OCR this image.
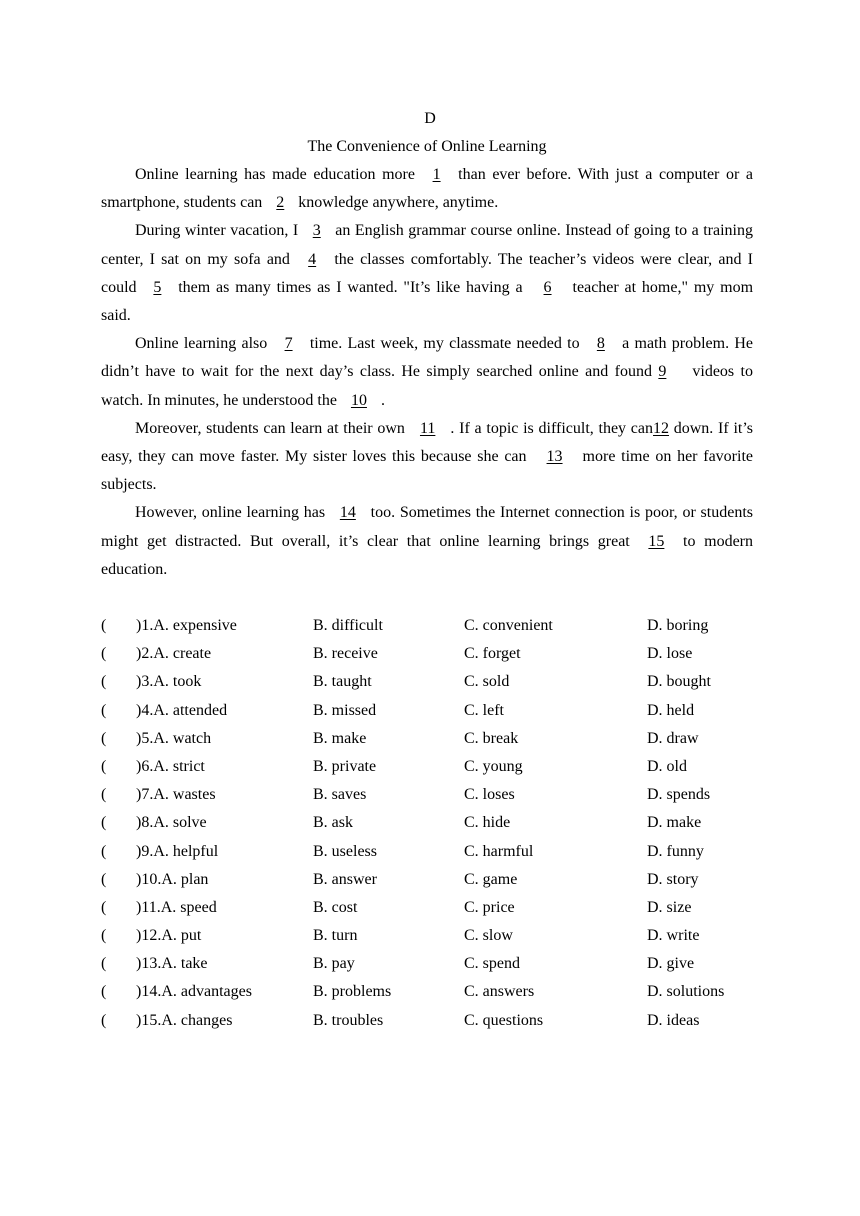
D
The Convenience of Online Learning

Online learning has made education more 1 than ever before. With just a computer or a smartphone, students can 2 knowledge anywhere, anytime.

During winter vacation, I 3 an English grammar course online. Instead of going to a training center, I sat on my sofa and 4 the classes comfortably. The teacher’s videos were clear, and I could 5 them as many times as I wanted. "It’s like having a 6 teacher at home," my mom said.

Online learning also 7 time. Last week, my classmate needed to 8 a math problem. He didn’t have to wait for the next day’s class. He simply searched online and found 9 videos to watch. In minutes, he understood the 10 .

Moreover, students can learn at their own 11 . If a topic is difficult, they can12 down. If it’s easy, they can move faster. My sister loves this because she can 13 more time on her favorite subjects.

However, online learning has 14 too. Sometimes the Internet connection is poor, or students might get distracted. But overall, it’s clear that online learning brings great 15 to modern education.

( )1.A. expensive	B. difficult	C. convenient	D. boring
( )2.A. create	B. receive	C. forget	D. lose
( )3.A. took	B. taught	C. sold	D. bought
( )4.A. attended	B. missed	C. left	D. held
( )5.A. watch	B. make	C. break	D. draw
( )6.A. strict	B. private	C. young	D. old
( )7.A. wastes	B. saves	C. loses	D. spends
( )8.A. solve	B. ask	C. hide	D. make
( )9.A. helpful	B. useless	C. harmful	D. funny
( )10.A. plan	B. answer	C. game	D. story
( )11.A. speed	B. cost	C. price	D. size
( )12.A. put	B. turn	C. slow	D. write
( )13.A. take	B. pay	C. spend	D. give
( )14.A. advantages	B. problems	C. answers	D. solutions
( )15.A. changes	B. troubles	C. questions	D. ideas
